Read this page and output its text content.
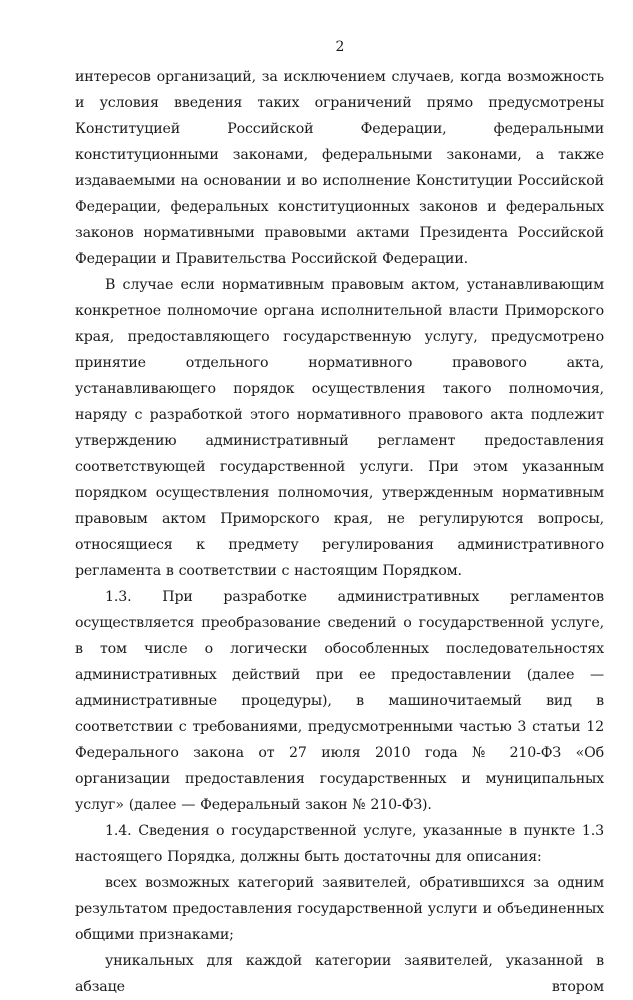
2

интересов организаций, за исключением случаев, когда возможность и условия введения таких ограничений прямо предусмотрены Конституцией Российской Федерации, федеральными конституционными законами, федеральными законами, а также издаваемыми на основании и во исполнение Конституции Российской Федерации, федеральных конституционных законов и федеральных законов нормативными правовыми актами Президента Российской Федерации и Правительства Российской Федерации.

В случае если нормативным правовым актом, устанавливающим конкретное полномочие органа исполнительной власти Приморского края, предоставляющего государственную услугу, предусмотрено принятие отдельного нормативного правового акта, устанавливающего порядок осуществления такого полномочия, наряду с разработкой этого нормативного правового акта подлежит утверждению административный регламент предоставления соответствующей государственной услуги. При этом указанным порядком осуществления полномочия, утвержденным нормативным правовым актом Приморского края, не регулируются вопросы, относящиеся к предмету регулирования административного регламента в соответствии с настоящим Порядком.

1.3. При разработке административных регламентов осуществляется преобразование сведений о государственной услуге, в том числе о логически обособленных последовательностях административных действий при ее предоставлении (далее — административные процедуры), в машиночитаемый вид в соответствии с требованиями, предусмотренными частью 3 статьи 12 Федерального закона от 27 июля 2010 года № 210-ФЗ «Об организации предоставления государственных и муниципальных услуг» (далее — Федеральный закон № 210-ФЗ).

1.4. Сведения о государственной услуге, указанные в пункте 1.3 настоящего Порядка, должны быть достаточны для описания:

всех возможных категорий заявителей, обратившихся за одним результатом предоставления государственной услуги и объединенных общими признаками;

уникальных для каждой категории заявителей, указанной в абзаце втором
